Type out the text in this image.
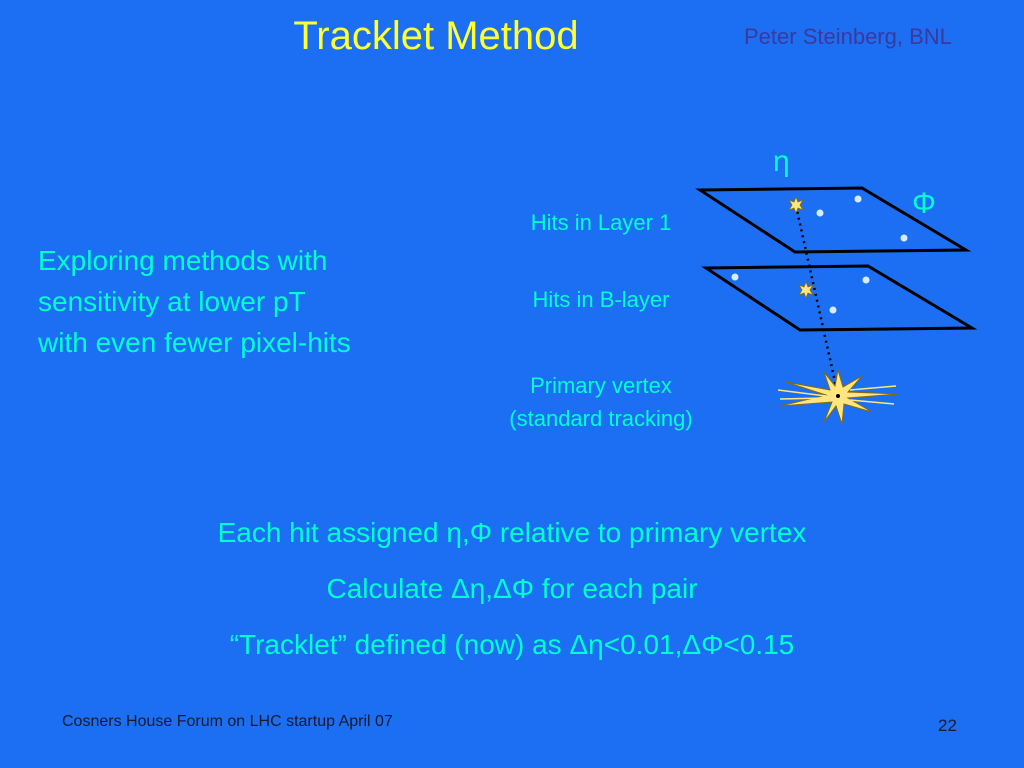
Tracklet Method	Peter Steinberg, BNL
Exploring methods with
sensitivity at lower pT
with even fewer pixel-hits
Hits in Layer 1
Hits in B-layer
Primary vertex
(standard tracking)
η
Φ
Each hit assigned η,Φ relative to primary vertex
Calculate Δη,ΔΦ for each pair
“Tracklet” defined (now) as Δη<0.01,ΔΦ<0.15
Cosners House Forum on LHC startup April 07	22
